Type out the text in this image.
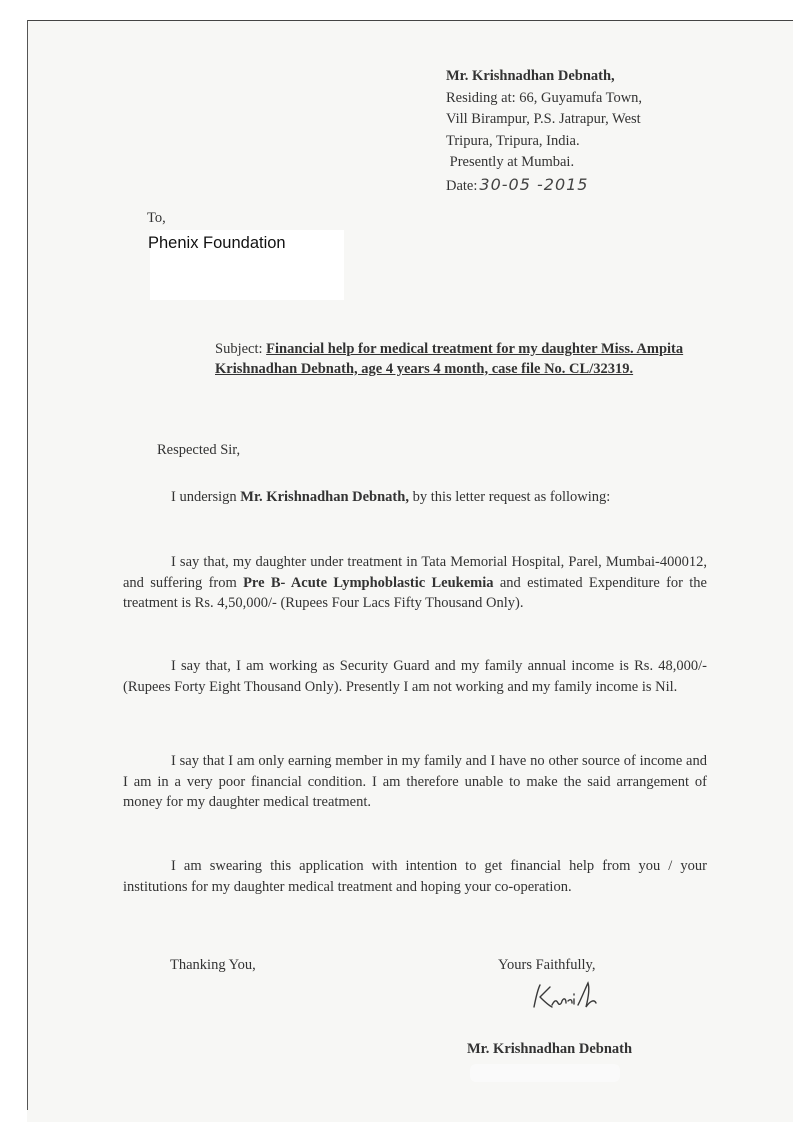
Mr. Krishnadhan Debnath,
Residing at: 66, Guyamufa Town,
Vill Birampur, P.S. Jatrapur, West
Tripura, Tripura, India.
Presently at Mumbai.
Date: 30-05 -2015
To,
Phenix Foundation
Subject: Financial help for medical treatment for my daughter Miss. Ampita Krishnadhan Debnath, age 4 years 4 month, case file No. CL/32319.
Respected Sir,
I undersign Mr. Krishnadhan Debnath, by this letter request as following:
I say that, my daughter under treatment in Tata Memorial Hospital, Parel, Mumbai-400012, and suffering from Pre B- Acute Lymphoblastic Leukemia and estimated Expenditure for the treatment is Rs. 4,50,000/- (Rupees Four Lacs Fifty Thousand Only).
I say that, I am working as Security Guard and my family annual income is Rs. 48,000/- (Rupees Forty Eight Thousand Only). Presently I am not working and my family income is Nil.
I say that I am only earning member in my family and I have no other source of income and I am in a very poor financial condition. I am therefore unable to make the said arrangement of money for my daughter medical treatment.
I am swearing this application with intention to get financial help from you / your institutions for my daughter medical treatment and hoping your co-operation.
Thanking You,	Yours Faithfully,
Mr. Krishnadhan Debnath
